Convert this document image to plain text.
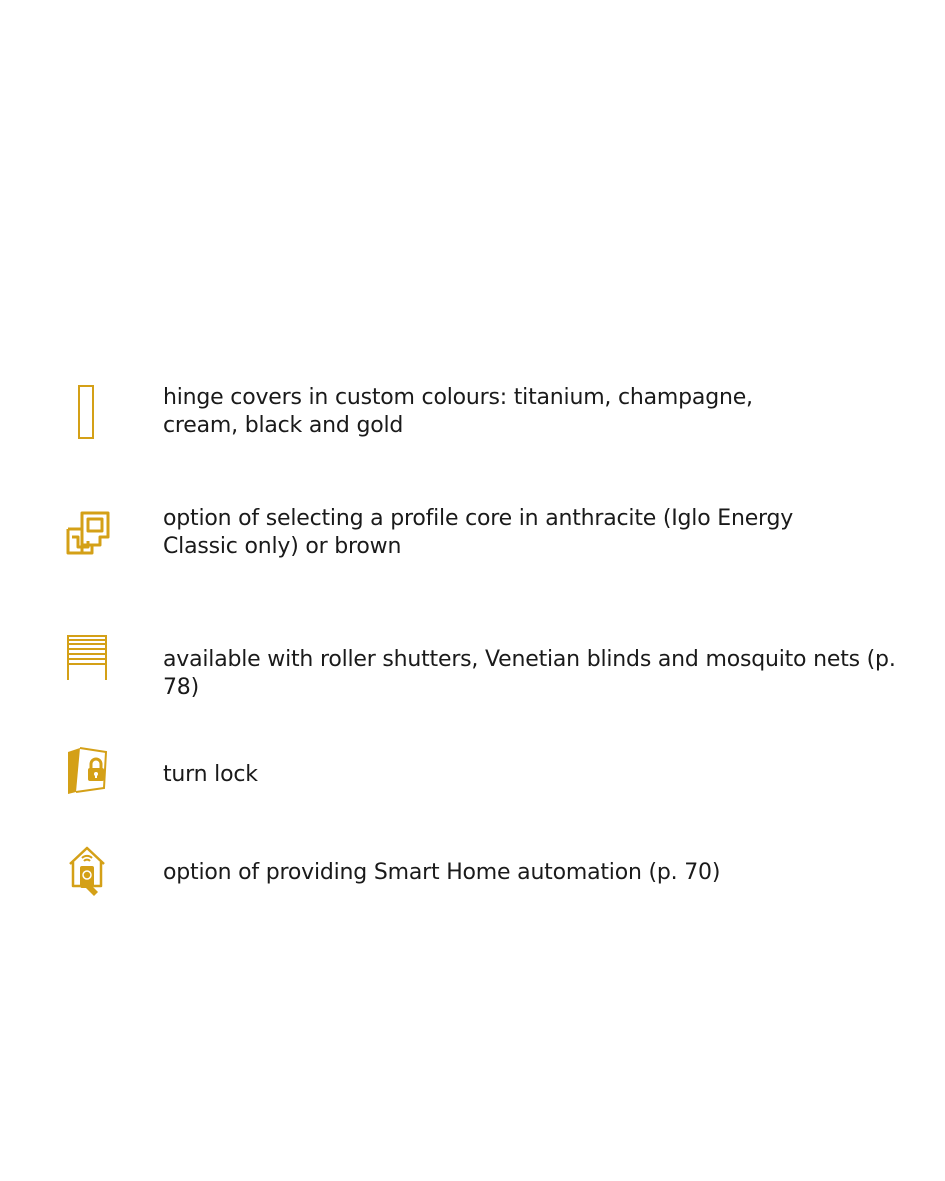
hinge covers in custom colours: titanium, champagne, cream, black and gold
option of selecting a profile core in anthracite (Iglo Energy Classic only) or brown
available with roller shutters, Venetian blinds and mosquito nets (p. 78)
turn lock
option of providing Smart Home automation (p. 70)
